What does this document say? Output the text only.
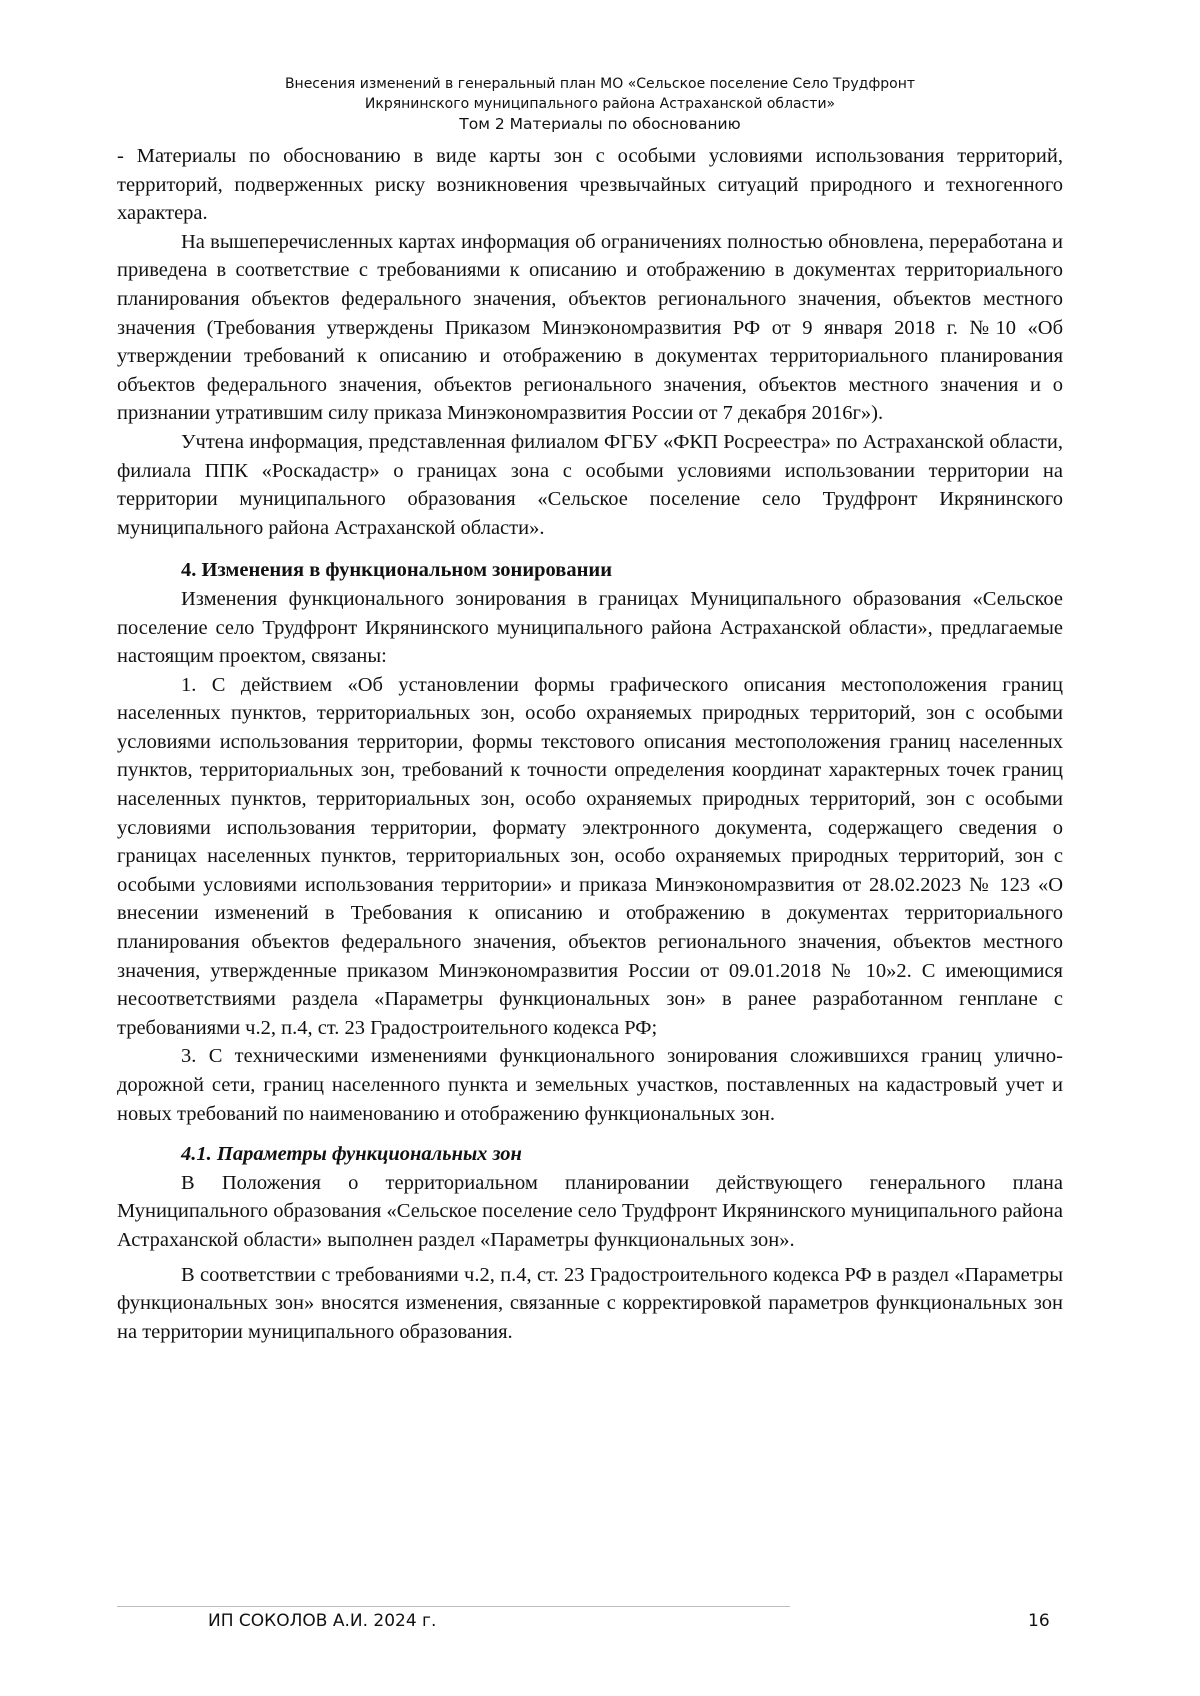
Внесения изменений в генеральный план МО «Сельское поселение Село Трудфронт
Икрянинского муниципального района Астраханской области»
Том 2 Материалы по обоснованию

- Материалы по обоснованию в виде карты зон с особыми условиями использования территорий, территорий, подверженных риску возникновения чрезвычайных ситуаций природного и техногенного характера.

На вышеперечисленных картах информация об ограничениях полностью обновлена, переработана и приведена в соответствие с требованиями к описанию и отображению в документах территориального планирования объектов федерального значения, объектов регионального значения, объектов местного значения (Требования утверждены Приказом Минэкономразвития РФ от 9 января 2018 г. №10 «Об утверждении требований к описанию и отображению в документах территориального планирования объектов федерального значения, объектов регионального значения, объектов местного значения и о признании утратившим силу приказа Минэкономразвития России от 7 декабря 2016г»).

Учтена информация, представленная филиалом ФГБУ «ФКП Росреестра» по Астраханской области, филиала ППК «Роскадастр» о границах зона с особыми условиями использовании территории на территории муниципального образования «Сельское поселение село Трудфронт Икрянинского муниципального района Астраханской области».

4. Изменения в функциональном зонировании

Изменения функционального зонирования в границах Муниципального образования «Сельское поселение село Трудфронт Икрянинского муниципального района Астраханской области», предлагаемые настоящим проектом, связаны:

1. С действием «Об установлении формы графического описания местоположения границ населенных пунктов, территориальных зон, особо охраняемых природных территорий, зон с особыми условиями использования территории, формы текстового описания местоположения границ населенных пунктов, территориальных зон, требований к точности определения координат характерных точек границ населенных пунктов, территориальных зон, особо охраняемых природных территорий, зон с особыми условиями использования территории, формату электронного документа, содержащего сведения о границах населенных пунктов, территориальных зон, особо охраняемых природных территорий, зон с особыми условиями использования территории» и приказа Минэкономразвития от 28.02.2023 № 123 «О внесении изменений в Требования к описанию и отображению в документах территориального планирования объектов федерального значения, объектов регионального значения, объектов местного значения, утвержденные приказом Минэкономразвития России от 09.01.2018 № 10»2. С имеющимися несоответствиями раздела «Параметры функциональных зон» в ранее разработанном генплане с требованиями ч.2, п.4, ст. 23 Градостроительного кодекса РФ;

3. С техническими изменениями функционального зонирования сложившихся границ улично-дорожной сети, границ населенного пункта и земельных участков, поставленных на кадастровый учет и новых требований по наименованию и отображению функциональных зон.

4.1. Параметры функциональных зон

В Положения о территориальном планировании действующего генерального плана Муниципального образования «Сельское поселение село Трудфронт Икрянинского муниципального района Астраханской области» выполнен раздел «Параметры функциональных зон».

В соответствии с требованиями ч.2, п.4, ст. 23 Градостроительного кодекса РФ в раздел «Параметры функциональных зон» вносятся изменения, связанные с корректировкой параметров функциональных зон на территории муниципального образования.

ИП СОКОЛОВ А.И. 2024 г.	16
